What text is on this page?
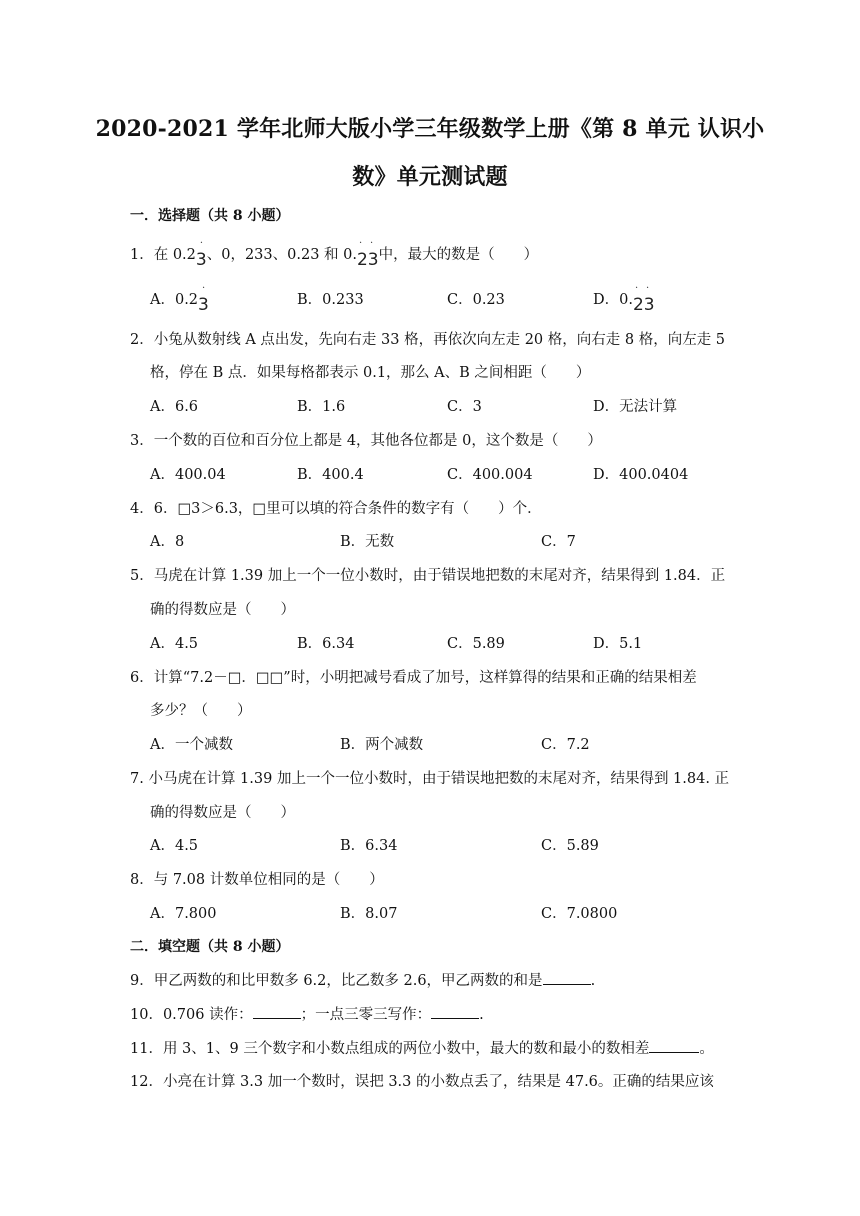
2020-2021 学年北师大版小学三年级数学上册《第 8 单元 认识小
数》单元测试题
一．选择题（共 8 小题）
1．在 0.2
·
3、0，233、0.23 和 0.
· ·
23中，最大的数是（　　）
A．0.2
·
3	B．0.233	C．0.23	D．0.
· ·
23
2．小兔从数射线 A 点出发，先向右走 33 格，再依次向左走 20 格，向右走 8 格，向左走 5
格，停在 B 点．如果每格都表示 0.1，那么 A、B 之间相距（　　）
A．6.6	B．1.6	C．3	D．无法计算
3．一个数的百位和百分位上都是 4，其他各位都是 0，这个数是（　　）
A．400.04	B．400.4	C．400.004	D．400.0404
4．6．□3＞6.3，□里可以填的符合条件的数字有（　　）个．
A．8	B．无数	C．7
5．马虎在计算 1.39 加上一个一位小数时，由于错误地把数的末尾对齐，结果得到 1.84．正
确的得数应是（　　）
A．4.5	B．6.34	C．5.89	D．5.1
6．计算“7.2－□．□□”时，小明把减号看成了加号，这样算得的结果和正确的结果相差
多少？（　　）
A．一个减数	B．两个减数	C．7.2
7. 小马虎在计算 1.39 加上一个一位小数时，由于错误地把数的末尾对齐，结果得到 1.84. 正
确的得数应是（　　）
A．4.5	B．6.34	C．5.89
8．与 7.08 计数单位相同的是（　　）
A．7.800	B．8.07	C．7.0800
二．填空题（共 8 小题）
9．甲乙两数的和比甲数多 6.2，比乙数多 2.6，甲乙两数的和是	.
10．0.706 读作：	；一点三零三写作：	.
11．用 3、1、9 三个数字和小数点组成的两位小数中，最大的数和最小的数相差	。
12．小亮在计算 3.3 加一个数时，误把 3.3 的小数点丢了，结果是 47.6。正确的结果应该
